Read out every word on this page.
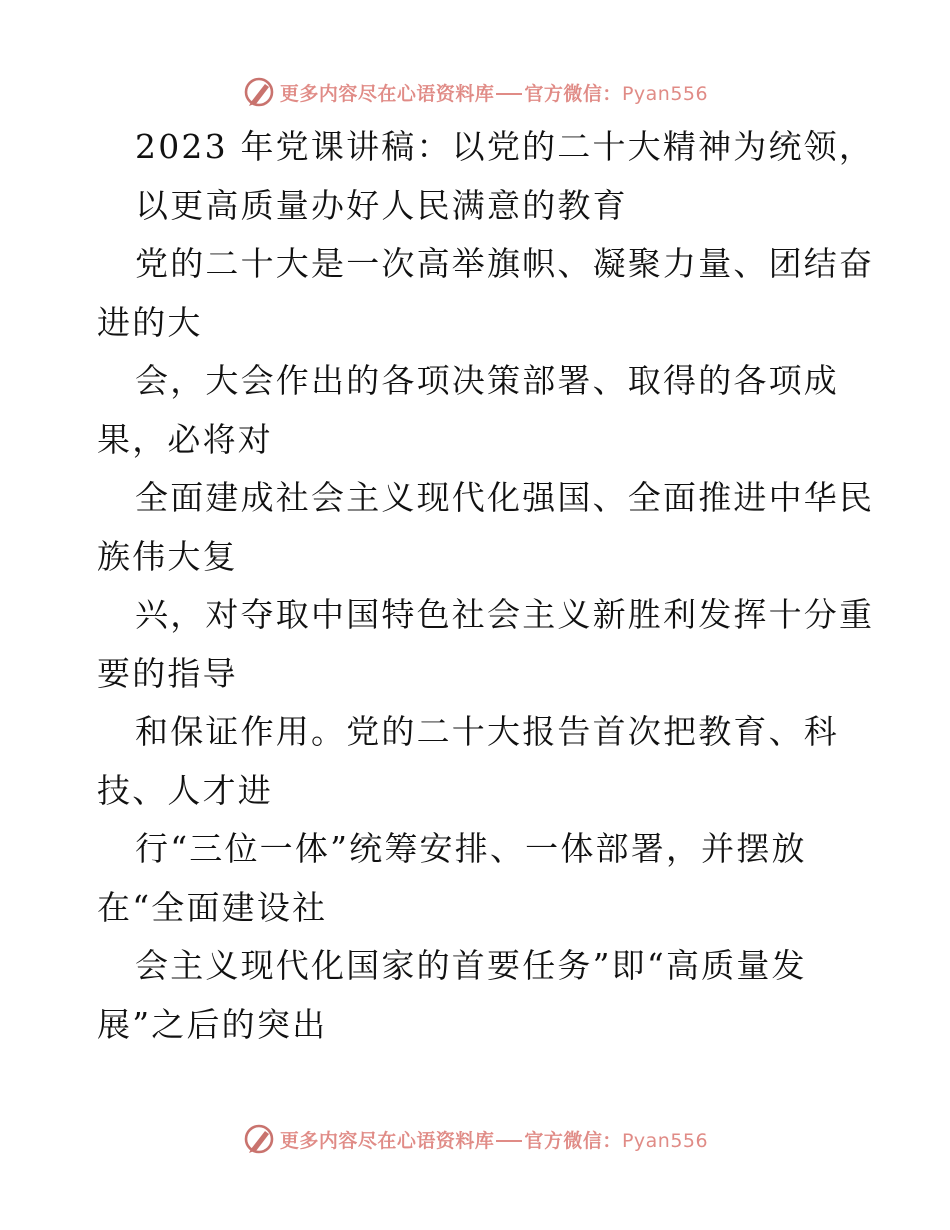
更多内容尽在心语资料库 官方微信：Pyan556
2023 年党课讲稿：以党的二十大精神为统领，
以更高质量办好人民满意的教育
党的二十大是一次高举旗帜、凝聚力量、团结奋
进的大
会，大会作出的各项决策部署、取得的各项成
果，必将对
全面建成社会主义现代化强国、全面推进中华民
族伟大复
兴，对夺取中国特色社会主义新胜利发挥十分重
要的指导
和保证作用。党的二十大报告首次把教育、科
技、人才进
行“三位一体”统筹安排、一体部署，并摆放
在“全面建设社
会主义现代化国家的首要任务”即“高质量发
展”之后的突出
更多内容尽在心语资料库 官方微信：Pyan556
